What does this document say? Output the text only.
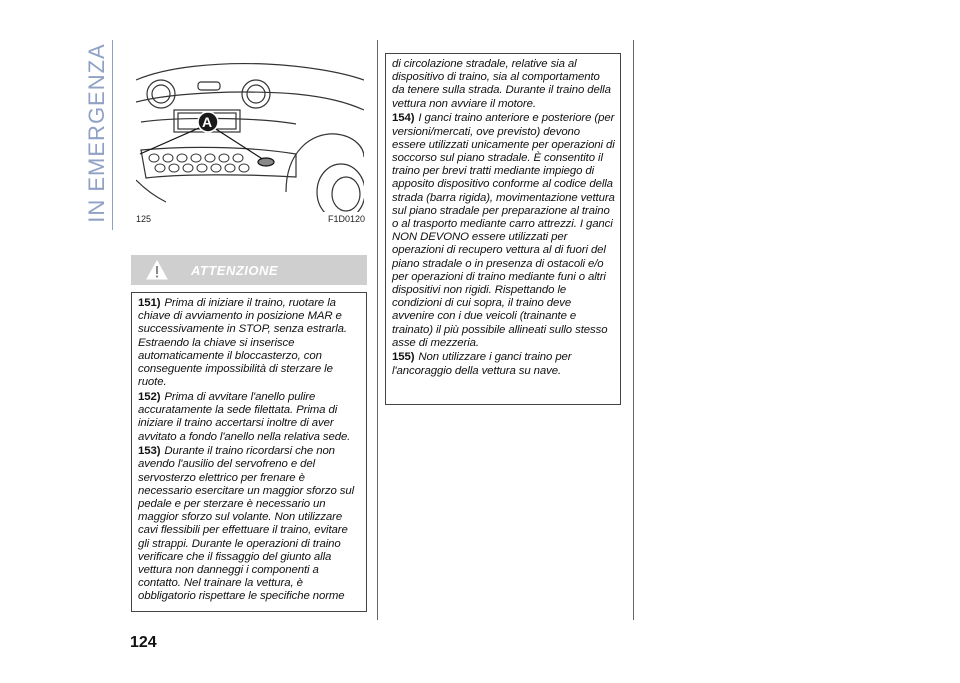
IN EMERGENZA	A
125	F1D0120
ATTENZIONE

151) Prima di iniziare il traino, ruotare la chiave di avviamento in posizione MAR e successivamente in STOP, senza estrarla. Estraendo la chiave si inserisce automaticamente il bloccasterzo, con conseguente impossibilità di sterzare le ruote.

152) Prima di avvitare l'anello pulire accuratamente la sede filettata. Prima di iniziare il traino accertarsi inoltre di aver avvitato a fondo l'anello nella relativa sede.

153) Durante il traino ricordarsi che non avendo l'ausilio del servofreno e del servosterzo elettrico per frenare è necessario esercitare un maggior sforzo sul pedale e per sterzare è necessario un maggior sforzo sul volante. Non utilizzare cavi flessibili per effettuare il traino, evitare gli strappi. Durante le operazioni di traino verificare che il fissaggio del giunto alla vettura non danneggi i componenti a contatto. Nel trainare la vettura, è obbligatorio rispettare le specifiche norme

di circolazione stradale, relative sia al dispositivo di traino, sia al comportamento da tenere sulla strada. Durante il traino della vettura non avviare il motore.

154) I ganci traino anteriore e posteriore (per versioni/mercati, ove previsto) devono essere utilizzati unicamente per operazioni di soccorso sul piano stradale. È consentito il traino per brevi tratti mediante impiego di apposito dispositivo conforme al codice della strada (barra rigida), movimentazione vettura sul piano stradale per preparazione al traino o al trasporto mediante carro attrezzi. I ganci NON DEVONO essere utilizzati per operazioni di recupero vettura al di fuori del piano stradale o in presenza di ostacoli e/o per operazioni di traino mediante funi o altri dispositivi non rigidi. Rispettando le condizioni di cui sopra, il traino deve avvenire con i due veicoli (trainante e trainato) il più possibile allineati sullo stesso asse di mezzeria.

155) Non utilizzare i ganci traino per l'ancoraggio della vettura su nave.

124
